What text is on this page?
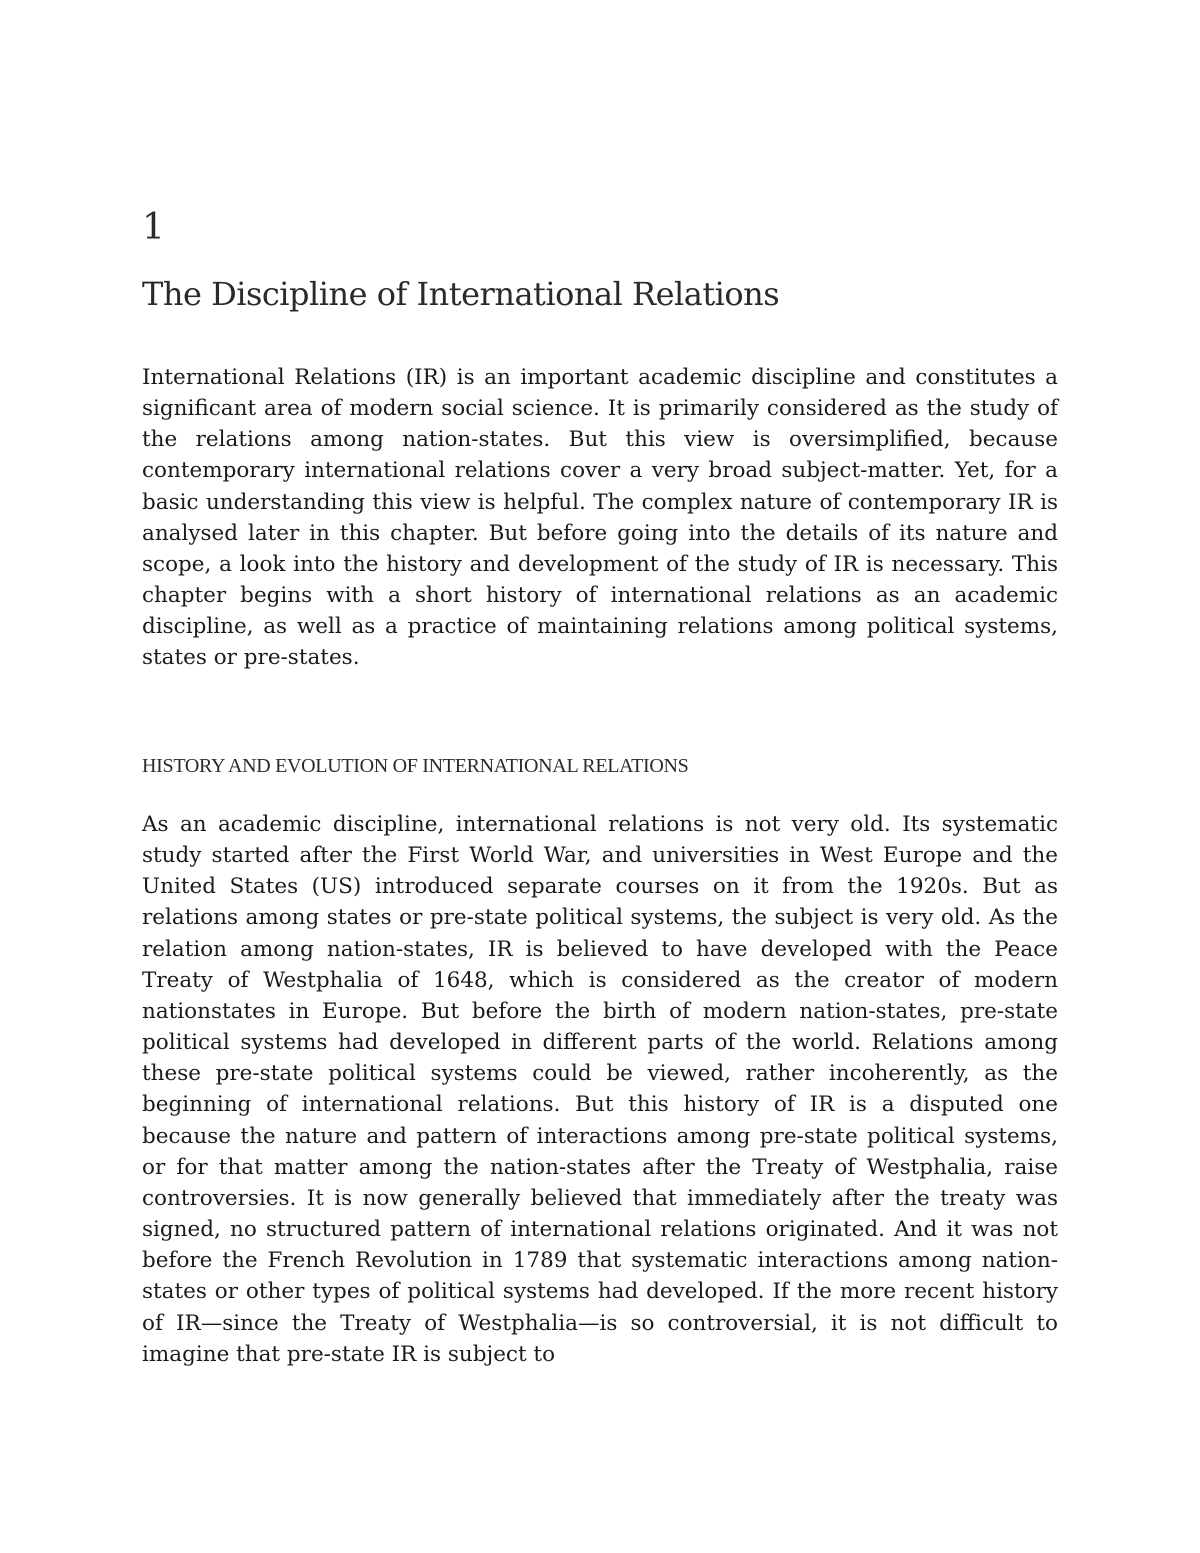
1
The Discipline of International Relations

International Relations (IR) is an important academic discipline and constitutes a significant area of modern social science. It is primarily considered as the study of the relations among nation-states. But this view is oversimplified, because contemporary international relations cover a very broad subject-matter. Yet, for a basic understanding this view is helpful. The complex nature of contemporary IR is analysed later in this chapter. But before going into the details of its nature and scope, a look into the history and development of the study of IR is necessary. This chapter begins with a short history of international relations as an academic discipline, as well as a practice of maintaining relations among political systems, states or pre-states.

HISTORY AND EVOLUTION OF INTERNATIONAL RELATIONS

As an academic discipline, international relations is not very old. Its systematic study started after the First World War, and universities in West Europe and the United States (US) introduced separate courses on it from the 1920s. But as relations among states or pre-state political systems, the subject is very old. As the relation among nation-states, IR is believed to have developed with the Peace Treaty of Westphalia of 1648, which is considered as the creator of modern nationstates in Europe. But before the birth of modern nation-states, pre-state political systems had developed in different parts of the world. Relations among these pre-state political systems could be viewed, rather incoherently, as the beginning of international relations. But this history of IR is a disputed one because the nature and pattern of interactions among pre-state political systems, or for that matter among the nation-states after the Treaty of Westphalia, raise controversies. It is now generally believed that immediately after the treaty was signed, no structured pattern of international relations originated. And it was not before the French Revolution in 1789 that systematic interactions among nation-states or other types of political systems had developed. If the more recent history of IR—since the Treaty of Westphalia—is so controversial, it is not difficult to imagine that pre-state IR is subject to
